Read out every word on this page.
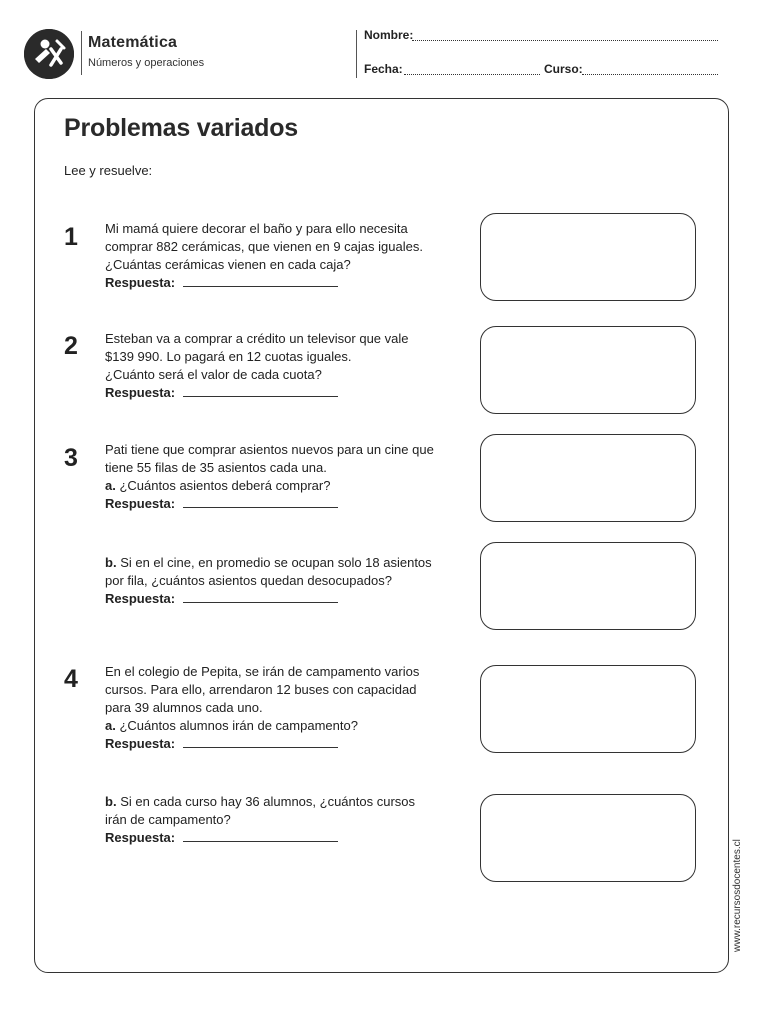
Matemática
Números y operaciones
Nombre:
Fecha:	Curso:
Problemas variados
Lee y resuelve:
1 Mi mamá quiere decorar el baño y para ello necesita

comprar 882 cerámicas, que vienen en 9 cajas iguales.

¿Cuántas cerámicas vienen en cada caja?

Respuesta:

2 Esteban va a comprar a crédito un televisor que vale

$139 990. Lo pagará en 12 cuotas iguales.

¿Cuánto será el valor de cada cuota?

Respuesta:

3 Pati tiene que comprar asientos nuevos para un cine que

tiene 55 filas de 35 asientos cada una.

a. ¿Cuántos asientos deberá comprar?

Respuesta:

b. Si en el cine, en promedio se ocupan solo 18 asientos

por fila, ¿cuántos asientos quedan desocupados?

Respuesta:

4 En el colegio de Pepita, se irán de campamento varios

cursos. Para ello, arrendaron 12 buses con capacidad

para 39 alumnos cada uno.

a. ¿Cuántos alumnos irán de campamento?

Respuesta:

b. Si en cada curso hay 36 alumnos, ¿cuántos cursos

irán de campamento?

Respuesta:

www.recursosdocentes.cl
